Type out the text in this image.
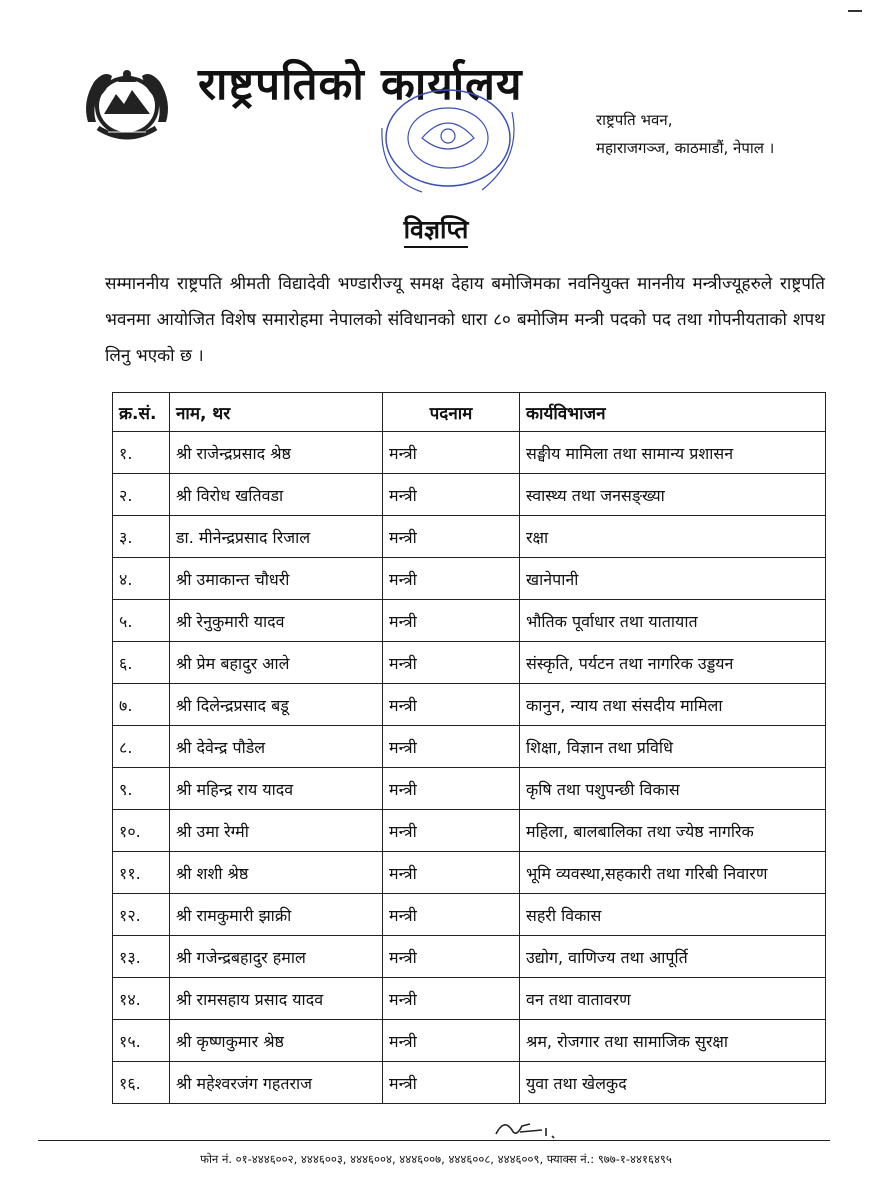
राष्ट्रपतिको कार्यालय
राष्ट्रपति भवन,
महाराजगञ्ज, काठमाडौं, नेपाल ।
विज्ञप्ति
सम्माननीय राष्ट्रपति श्रीमती विद्यादेवी भण्डारीज्यू समक्ष देहाय बमोजिमका नवनियुक्त माननीय मन्त्रीज्यूहरुले राष्ट्रपति भवनमा आयोजित विशेष समारोहमा नेपालको संविधानको धारा ८० बमोजिम मन्त्री पदको पद तथा गोपनीयताको शपथ लिनु भएको छ ।
क्र.सं.	नाम, थर	पदनाम	कार्यविभाजन
१.	श्री राजेन्द्रप्रसाद श्रेष्ठ	मन्त्री	सङ्घीय मामिला तथा सामान्य प्रशासन
२.	श्री विरोध खतिवडा	मन्त्री	स्वास्थ्य तथा जनसङ्ख्या
३.	डा. मीनेन्द्रप्रसाद रिजाल	मन्त्री	रक्षा
४.	श्री उमाकान्त चौधरी	मन्त्री	खानेपानी
५.	श्री रेनुकुमारी यादव	मन्त्री	भौतिक पूर्वाधार तथा यातायात
६.	श्री प्रेम बहादुर आले	मन्त्री	संस्कृति, पर्यटन तथा नागरिक उड्डयन
७.	श्री दिलेन्द्रप्रसाद बडू	मन्त्री	कानुन, न्याय तथा संसदीय मामिला
८.	श्री देवेन्द्र पौडेल	मन्त्री	शिक्षा, विज्ञान तथा प्रविधि
९.	श्री महिन्द्र राय यादव	मन्त्री	कृषि तथा पशुपन्छी विकास
१०.	श्री उमा रेग्मी	मन्त्री	महिला, बालबालिका तथा ज्येष्ठ नागरिक
११.	श्री शशी श्रेष्ठ	मन्त्री	भूमि व्यवस्था,सहकारी तथा गरिबी निवारण
१२.	श्री रामकुमारी झाक्री	मन्त्री	सहरी विकास
१३.	श्री गजेन्द्रबहादुर हमाल	मन्त्री	उद्योग, वाणिज्य तथा आपूर्ति
१४.	श्री रामसहाय प्रसाद यादव	मन्त्री	वन तथा वातावरण
१५.	श्री कृष्णकुमार श्रेष्ठ	मन्त्री	श्रम, रोजगार तथा सामाजिक सुरक्षा
१६.	श्री महेश्वरजंग गहतराज	मन्त्री	युवा तथा खेलकुद
फोन नं. ०१-४४४६००२, ४४४६००३, ४४४६००४, ४४४६००७, ४४४६००८, ४४४६००९, फ्याक्स नं.: ९७७-१-४४१६४९५
